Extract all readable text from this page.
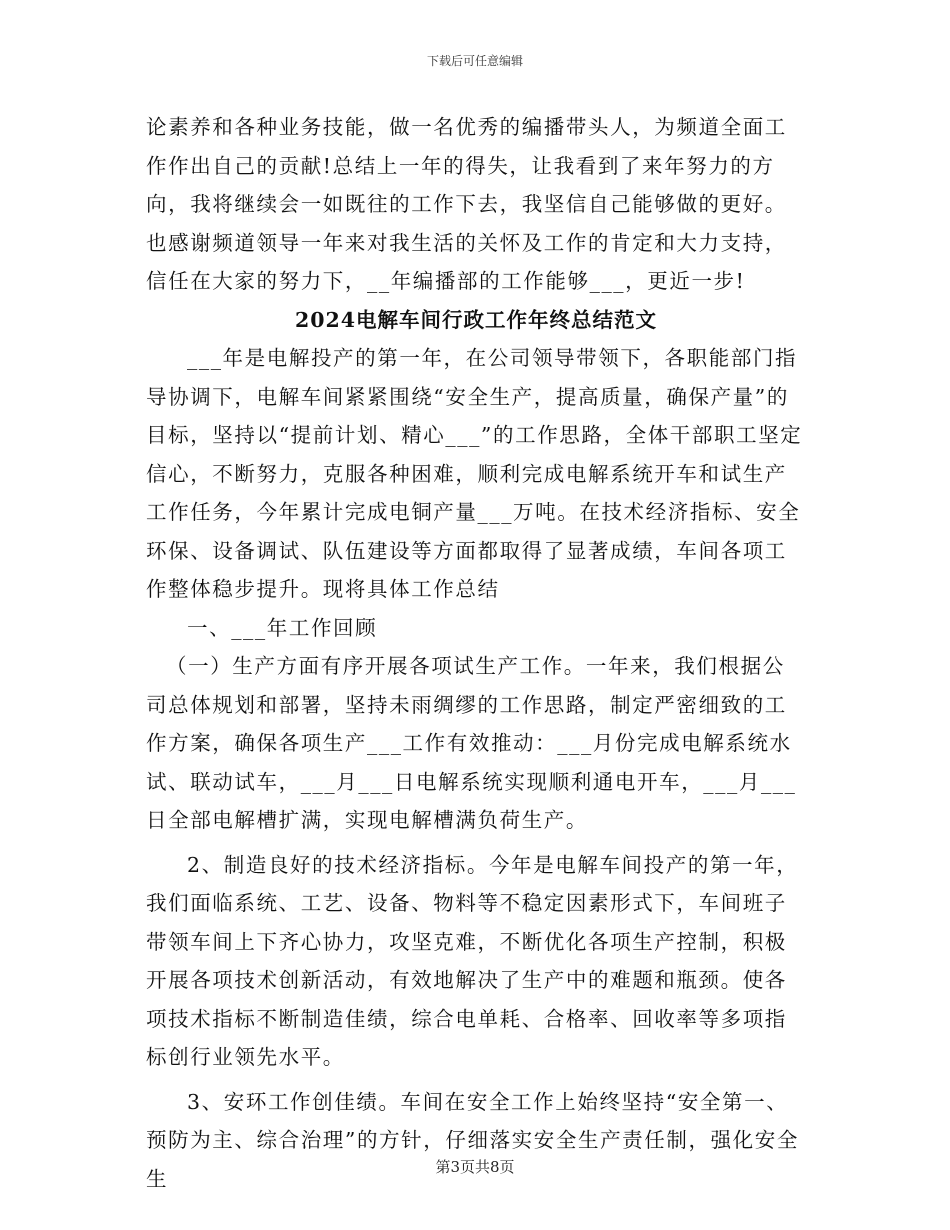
下载后可任意编辑

论素养和各种业务技能，做一名优秀的编播带头人，为频道全面工作作出自己的贡献!总结上一年的得失，让我看到了来年努力的方向，我将继续会一如既往的工作下去，我坚信自己能够做的更好。也感谢频道领导一年来对我生活的关怀及工作的肯定和大力支持，信任在大家的努力下，__年编播部的工作能够___，更近一步!

2024电解车间行政工作年终总结范文

___年是电解投产的第一年，在公司领导带领下，各职能部门指导协调下，电解车间紧紧围绕“安全生产，提高质量，确保产量”的目标，坚持以“提前计划、精心___”的工作思路，全体干部职工坚定信心，不断努力，克服各种困难，顺利完成电解系统开车和试生产工作任务，今年累计完成电铜产量___万吨。在技术经济指标、安全环保、设备调试、队伍建设等方面都取得了显著成绩，车间各项工作整体稳步提升。现将具体工作总结

一、___年工作回顾

（一）生产方面有序开展各项试生产工作。一年来，我们根据公司总体规划和部署，坚持未雨绸缪的工作思路，制定严密细致的工作方案，确保各项生产___工作有效推动：___月份完成电解系统水试、联动试车，___月___日电解系统实现顺利通电开车，___月___日全部电解槽扩满，实现电解槽满负荷生产。

2、制造良好的技术经济指标。今年是电解车间投产的第一年，我们面临系统、工艺、设备、物料等不稳定因素形式下，车间班子带领车间上下齐心协力，攻坚克难，不断优化各项生产控制，积极开展各项技术创新活动，有效地解决了生产中的难题和瓶颈。使各项技术指标不断制造佳绩，综合电单耗、合格率、回收率等多项指标创行业领先水平。

3、安环工作创佳绩。车间在安全工作上始终坚持“安全第一、预防为主、综合治理”的方针，仔细落实安全生产责任制，强化安全生	第3页共8页
